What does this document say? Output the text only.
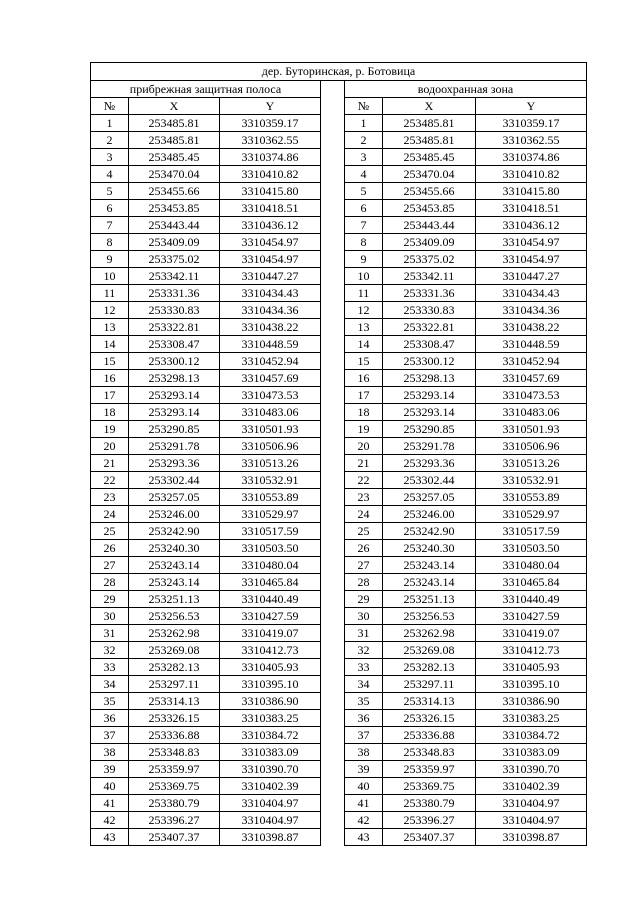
дер. Буторинская, р. Ботовица						
прибрежная защитная полоса				водоохранная зона		
№	X	Y		№	X	Y
1	253485.81	3310359.17		1	253485.81	3310359.17
2	253485.81	3310362.55		2	253485.81	3310362.55
3	253485.45	3310374.86		3	253485.45	3310374.86
4	253470.04	3310410.82		4	253470.04	3310410.82
5	253455.66	3310415.80		5	253455.66	3310415.80
6	253453.85	3310418.51		6	253453.85	3310418.51
7	253443.44	3310436.12		7	253443.44	3310436.12
8	253409.09	3310454.97		8	253409.09	3310454.97
9	253375.02	3310454.97		9	253375.02	3310454.97
10	253342.11	3310447.27		10	253342.11	3310447.27
11	253331.36	3310434.43		11	253331.36	3310434.43
12	253330.83	3310434.36		12	253330.83	3310434.36
13	253322.81	3310438.22		13	253322.81	3310438.22
14	253308.47	3310448.59		14	253308.47	3310448.59
15	253300.12	3310452.94		15	253300.12	3310452.94
16	253298.13	3310457.69		16	253298.13	3310457.69
17	253293.14	3310473.53		17	253293.14	3310473.53
18	253293.14	3310483.06		18	253293.14	3310483.06
19	253290.85	3310501.93		19	253290.85	3310501.93
20	253291.78	3310506.96		20	253291.78	3310506.96
21	253293.36	3310513.26		21	253293.36	3310513.26
22	253302.44	3310532.91		22	253302.44	3310532.91
23	253257.05	3310553.89		23	253257.05	3310553.89
24	253246.00	3310529.97		24	253246.00	3310529.97
25	253242.90	3310517.59		25	253242.90	3310517.59
26	253240.30	3310503.50		26	253240.30	3310503.50
27	253243.14	3310480.04		27	253243.14	3310480.04
28	253243.14	3310465.84		28	253243.14	3310465.84
29	253251.13	3310440.49		29	253251.13	3310440.49
30	253256.53	3310427.59		30	253256.53	3310427.59
31	253262.98	3310419.07		31	253262.98	3310419.07
32	253269.08	3310412.73		32	253269.08	3310412.73
33	253282.13	3310405.93		33	253282.13	3310405.93
34	253297.11	3310395.10		34	253297.11	3310395.10
35	253314.13	3310386.90		35	253314.13	3310386.90
36	253326.15	3310383.25		36	253326.15	3310383.25
37	253336.88	3310384.72		37	253336.88	3310384.72
38	253348.83	3310383.09		38	253348.83	3310383.09
39	253359.97	3310390.70		39	253359.97	3310390.70
40	253369.75	3310402.39		40	253369.75	3310402.39
41	253380.79	3310404.97		41	253380.79	3310404.97
42	253396.27	3310404.97		42	253396.27	3310404.97
43	253407.37	3310398.87		43	253407.37	3310398.87
